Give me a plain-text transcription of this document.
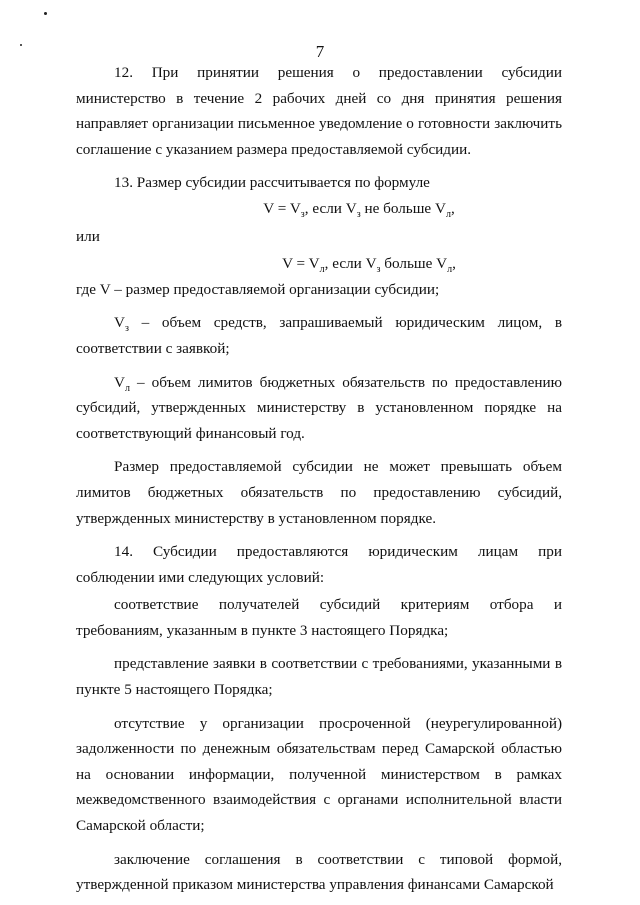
7

12. При принятии решения о предоставлении субсидии министерство в течение 2 рабочих дней со дня принятия решения направляет организации письменное уведомление о готовности заключить соглашение с указанием размера предоставляемой субсидии.

13. Размер субсидии рассчитывается по формуле

$V = V_з$, если $V_з$ не больше $V_л$,

или

$V = V_л$, если $V_з$ больше $V_л$,

где V – размер предоставляемой организации субсидии;

$V_з$ – объем средств, запрашиваемый юридическим лицом, в соответствии с заявкой;

$V_л$ – объем лимитов бюджетных обязательств по предоставлению субсидий, утвержденных министерству в установленном порядке на соответствующий финансовый год.

Размер предоставляемой субсидии не может превышать объем лимитов бюджетных обязательств по предоставлению субсидий, утвержденных министерству в установленном порядке.

14. Субсидии предоставляются юридическим лицам при соблюдении ими следующих условий:

соответствие получателей субсидий критериям отбора и требованиям, указанным в пункте 3 настоящего Порядка;

представление заявки в соответствии с требованиями, указанными в пункте 5 настоящего Порядка;

отсутствие у организации просроченной (неурегулированной) задолженности по денежным обязательствам перед Самарской областью на основании информации, полученной министерством в рамках межведомственного взаимодействия с органами исполнительной власти Самарской области;

заключение соглашения в соответствии с типовой формой, утвержденной приказом министерства управления финансами Самарской
